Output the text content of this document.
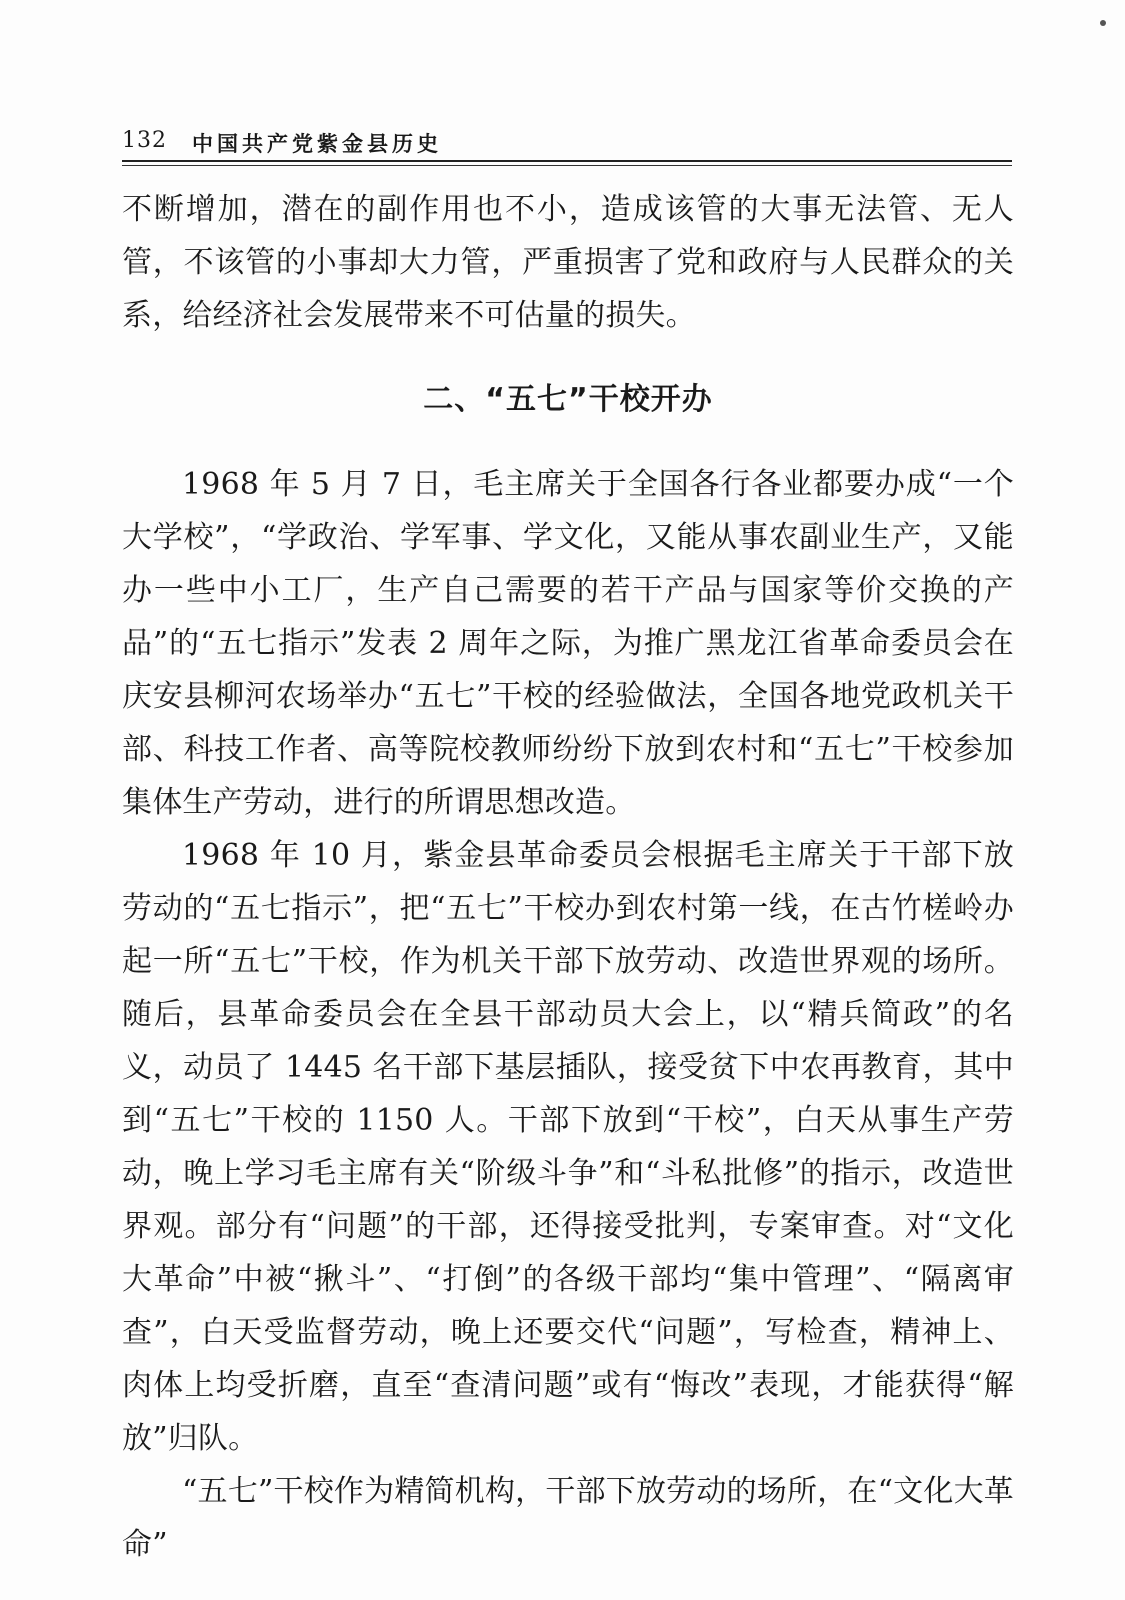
132 中国共产党紫金县历史

不断增加，潜在的副作用也不小，造成该管的大事无法管、无人管，不该管的小事却大力管，严重损害了党和政府与人民群众的关系，给经济社会发展带来不可估量的损失。

二、“五七”干校开办

1968 年 5 月 7 日，毛主席关于全国各行各业都要办成“一个大学校”，“学政治、学军事、学文化，又能从事农副业生产，又能办一些中小工厂，生产自己需要的若干产品与国家等价交换的产品”的“五七指示”发表 2 周年之际，为推广黑龙江省革命委员会在庆安县柳河农场举办“五七”干校的经验做法，全国各地党政机关干部、科技工作者、高等院校教师纷纷下放到农村和“五七”干校参加集体生产劳动，进行的所谓思想改造。

1968 年 10 月，紫金县革命委员会根据毛主席关于干部下放劳动的“五七指示”，把“五七”干校办到农村第一线，在古竹槎岭办起一所“五七”干校，作为机关干部下放劳动、改造世界观的场所。随后，县革命委员会在全县干部动员大会上，以“精兵简政”的名义，动员了 1445 名干部下基层插队，接受贫下中农再教育，其中到“五七”干校的 1150 人。干部下放到“干校”，白天从事生产劳动，晚上学习毛主席有关“阶级斗争”和“斗私批修”的指示，改造世界观。部分有“问题”的干部，还得接受批判，专案审查。对“文化大革命”中被“揪斗”、“打倒”的各级干部均“集中管理”、“隔离审查”，白天受监督劳动，晚上还要交代“问题”，写检查，精神上、肉体上均受折磨，直至“查清问题”或有“悔改”表现，才能获得“解放”归队。

“五七”干校作为精简机构，干部下放劳动的场所，在“文化大革命”
